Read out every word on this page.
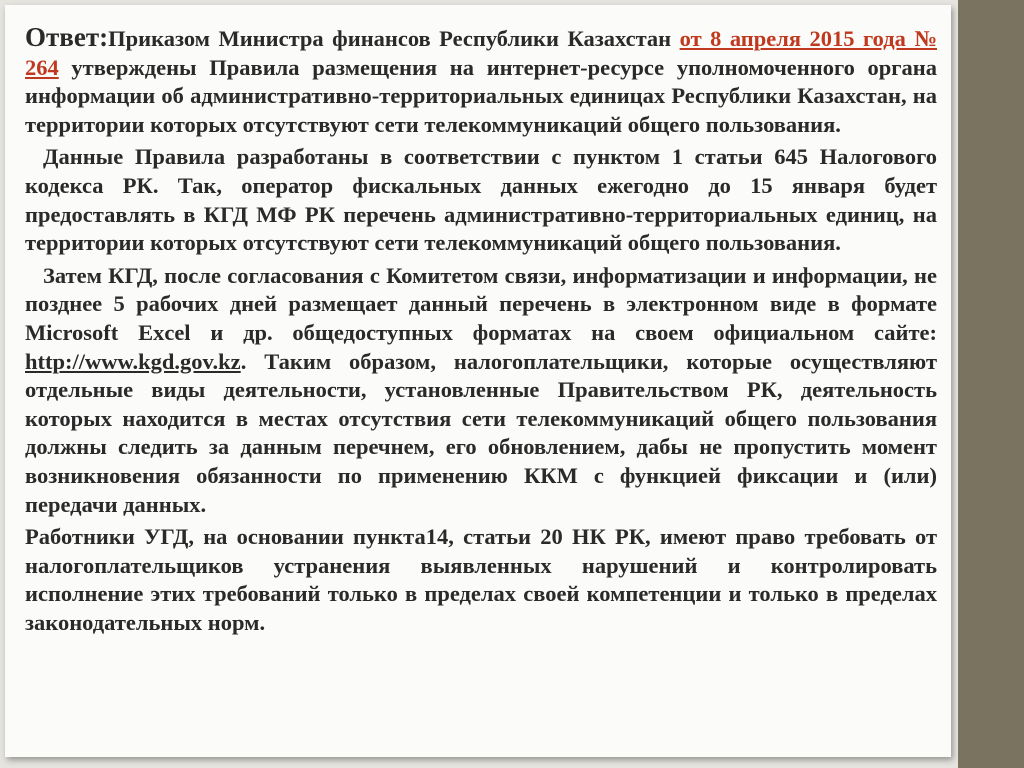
Ответ:Приказом Министра финансов Республики Казахстан от 8 апреля 2015 года № 264 утверждены Правила размещения на интернет-ресурсе уполномоченного органа информации об административно-территориальных единицах Республики Казахстан, на территории которых отсутствуют сети телекоммуникаций общего пользования.

Данные Правила разработаны в соответствии с пунктом 1 статьи 645 Налогового кодекса РК. Так, оператор фискальных данных ежегодно до 15 января будет предоставлять в КГД МФ РК перечень административно-территориальных единиц, на территории которых отсутствуют сети телекоммуникаций общего пользования.

Затем КГД, после согласования с Комитетом связи, информатизации и информации, не позднее 5 рабочих дней размещает данный перечень в электронном виде в формате Microsoft Excel и др. общедоступных форматах на своем официальном сайте: http://www.kgd.gov.kz. Таким образом, налогоплательщики, которые осуществляют отдельные виды деятельности, установленные Правительством РК, деятельность которых находится в местах отсутствия сети телекоммуникаций общего пользования должны следить за данным перечнем, его обновлением, дабы не пропустить момент возникновения обязанности по применению ККМ с функцией фиксации и (или) передачи данных.

Работники УГД, на основании пункта14, статьи 20 НК РК, имеют право требовать от налогоплательщиков устранения выявленных нарушений и контролировать исполнение этих требований только в пределах своей компетенции и только в пределах законодательных норм.
